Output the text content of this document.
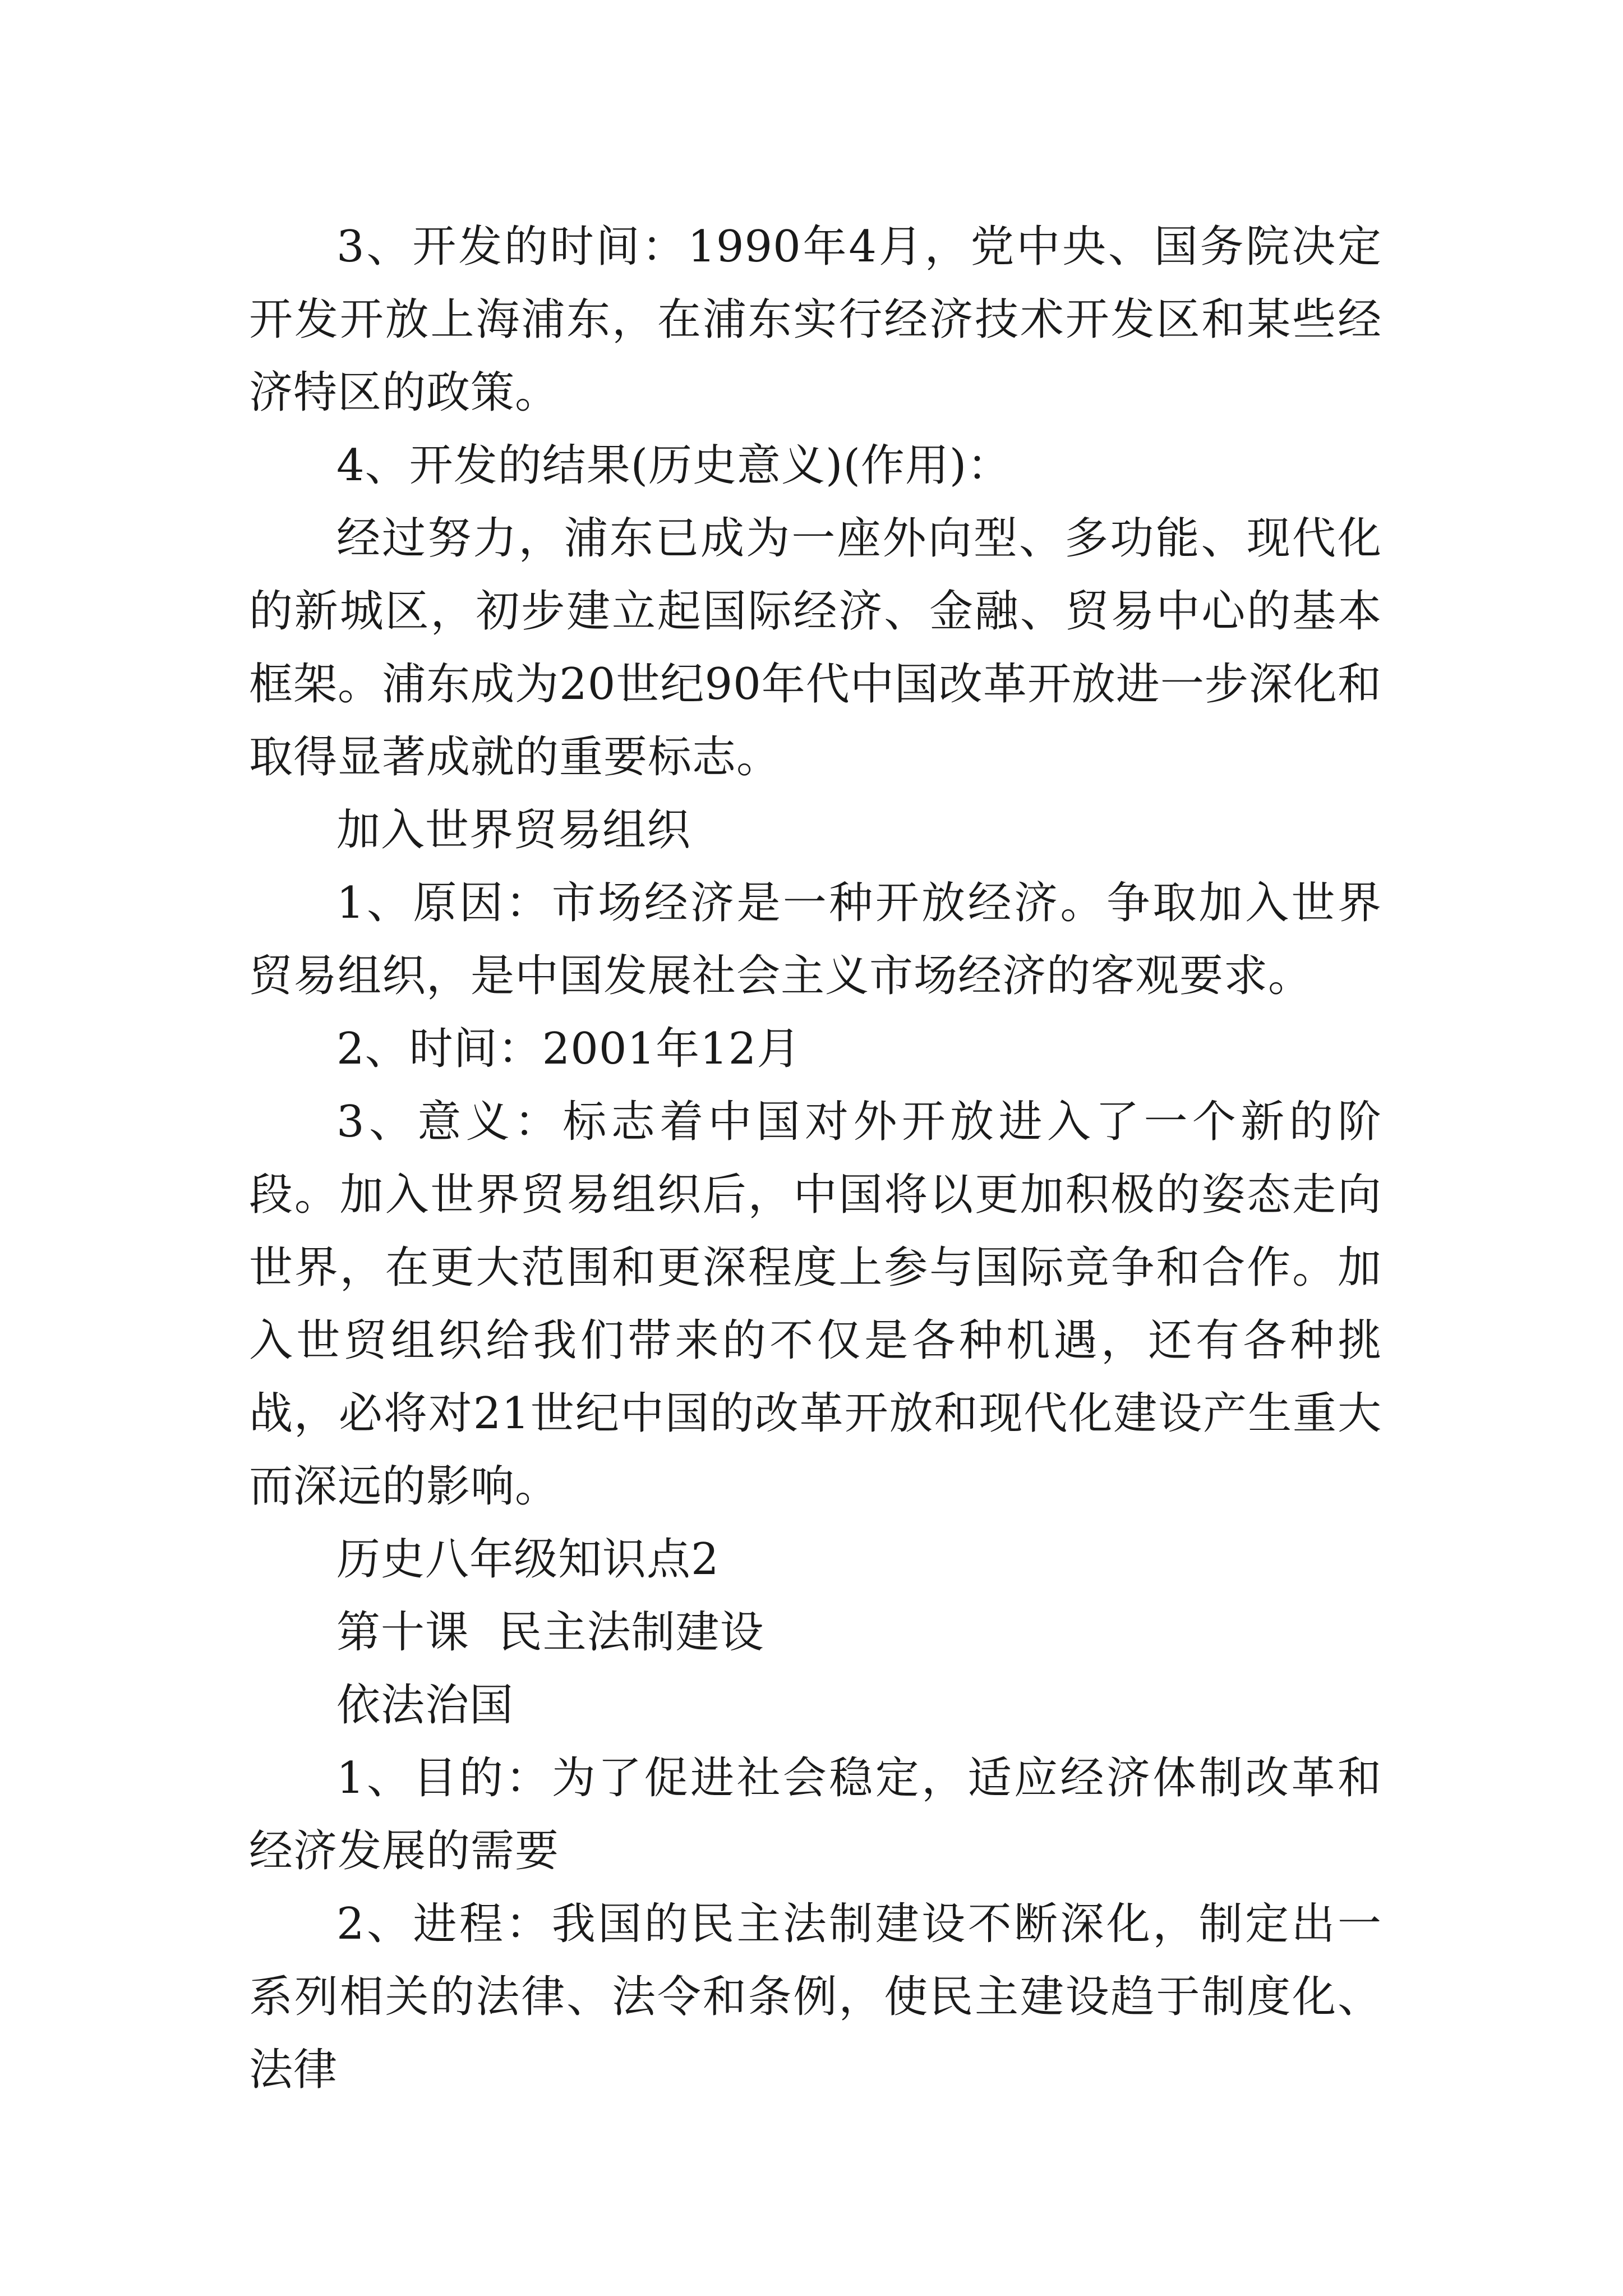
3、开发的时间：1990年4月，党中央、国务院决定开发开放上海浦东，在浦东实行经济技术开发区和某些经济特区的政策。

4、开发的结果(历史意义)(作用)：

经过努力，浦东已成为一座外向型、多功能、现代化的新城区，初步建立起国际经济、金融、贸易中心的基本框架。浦东成为20世纪90年代中国改革开放进一步深化和取得显著成就的重要标志。

加入世界贸易组织

1、原因：市场经济是一种开放经济。争取加入世界贸易组织，是中国发展社会主义市场经济的客观要求。

2、时间：2001年12月

3、意义：标志着中国对外开放进入了一个新的阶段。加入世界贸易组织后，中国将以更加积极的姿态走向世界，在更大范围和更深程度上参与国际竞争和合作。加入世贸组织给我们带来的不仅是各种机遇，还有各种挑战，必将对21世纪中国的改革开放和现代化建设产生重大而深远的影响。

历史八年级知识点2

第十课  民主法制建设

依法治国

1、目的：为了促进社会稳定，适应经济体制改革和经济发展的需要

2、进程：我国的民主法制建设不断深化，制定出一系列相关的法律、法令和条例，使民主建设趋于制度化、法律
